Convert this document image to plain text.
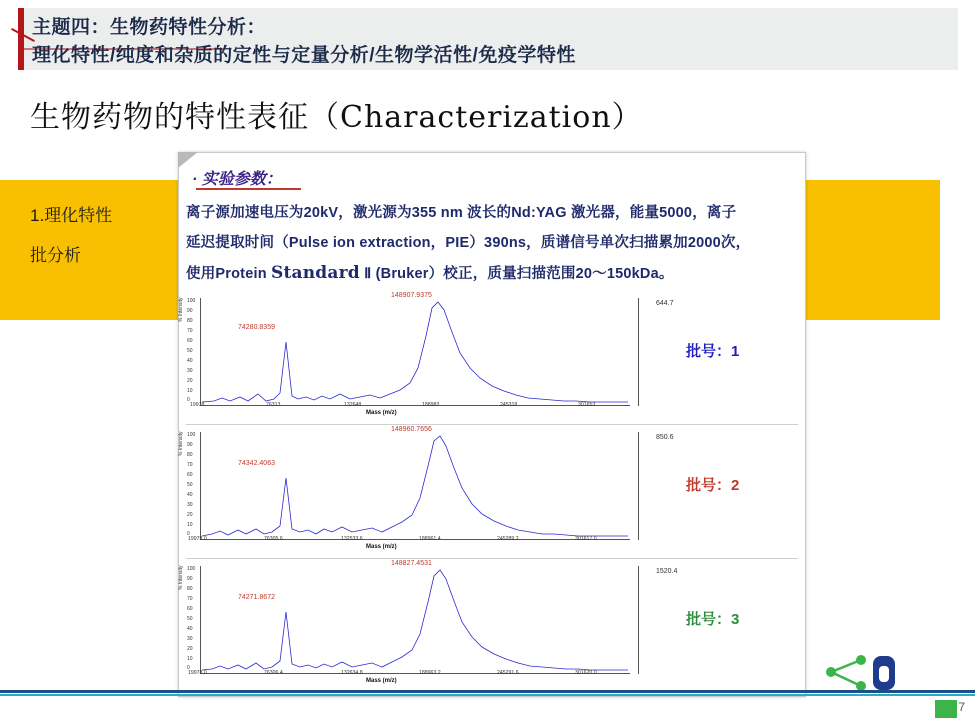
主题四：生物药特性分析：
理化特性/纯度和杂质的定性与定量分析/生物学活性/免疫学特性
生物药物的特性表征（Characterization）
1.理化特性
批分析
· 实验参数：
离子源加速电压为20kV，激光源为355 nm 波长的Nd:YAG 激光器，能量5000，离子
延迟提取时间（Pulse ion extraction，PIE）390ns，质谱信号单次扫描累加2000次，
使用Protein Standard Ⅱ (Bruker）校正，质量扫描范围20～150kDa。
% Intensity 100
90
80
70
60
50
40
30
20
10
0
74280.8359
148907.9375
19978	76313	132648	188983	245318	301653
Mass (m/z)
644.7
批号：1
% Intensity 100
90
80
70
60
50
40
30
20
10
0
74342.4063
148960.7656
19978.0	76305.6	132533.6	188961.4	245289.2	301617.0
Mass (m/z)
850.6
批号：2
% Intensity 100
90
80
70
60
50
40
30
20
10
0
74271.8672
148827.4531
19978.0	76306.4	132634.8	188963.2	245291.6	301620.0
Mass (m/z)
1520.4
批号：3
7
